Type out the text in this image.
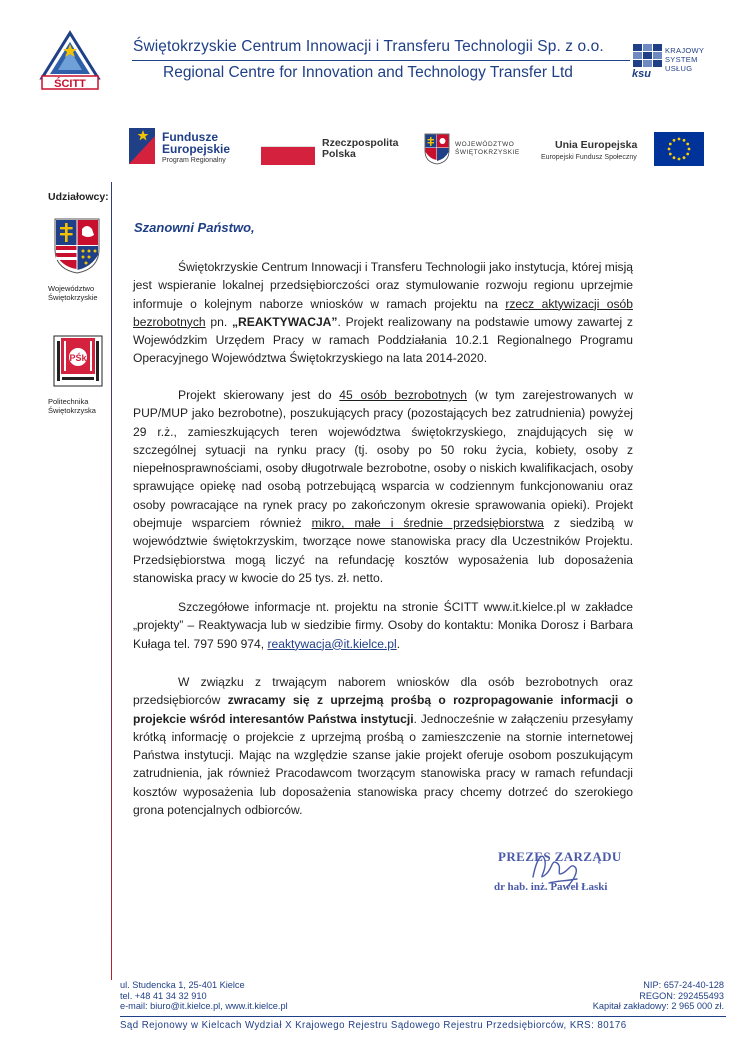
ŚCITT
Świętokrzyskie Centrum Innowacji i Transferu Technologii Sp. z o.o.
Regional Centre for Innovation and Technology Transfer Ltd	ksu
KRAJOWY
SYSTEM
USŁUG
Fundusze
Europejskie
Program Regionalny
Rzeczpospolita
Polska
WOJEWÓDZTWO
ŚWIĘTOKRZYSKIE
Unia Europejska
Europejski Fundusz Społeczny
Udziałowcy:
Województwo
Świętokrzyskie
PŚk
Politechnika
Świętokrzyska
Szanowni Państwo,
Świętokrzyskie Centrum Innowacji i Transferu Technologii jako instytucja, której misją jest wspieranie lokalnej przedsiębiorczości oraz stymulowanie rozwoju regionu uprzejmie informuje o kolejnym naborze wniosków w ramach projektu na rzecz aktywizacji osób bezrobotnych pn. „REAKTYWACJA”. Projekt realizowany na podstawie umowy zawartej z Wojewódzkim Urzędem Pracy w ramach Poddziałania 10.2.1 Regionalnego Programu Operacyjnego Województwa Świętokrzyskiego na lata 2014-2020.
Projekt skierowany jest do 45 osób bezrobotnych (w tym zarejestrowanych w PUP/MUP jako bezrobotne), poszukujących pracy (pozostających bez zatrudnienia) powyżej 29 r.ż., zamieszkujących teren województwa świętokrzyskiego, znajdujących się w szczególnej sytuacji na rynku pracy (tj. osoby po 50 roku życia, kobiety, osoby z niepełnosprawnościami, osoby długotrwale bezrobotne, osoby o niskich kwalifikacjach, osoby sprawujące opiekę nad osobą potrzebującą wsparcia w codziennym funkcjonowaniu oraz osoby powracające na rynek pracy po zakończonym okresie sprawowania opieki). Projekt obejmuje wsparciem również mikro, małe i średnie przedsiębiorstwa z siedzibą w województwie świętokrzyskim, tworzące nowe stanowiska pracy dla Uczestników Projektu. Przedsiębiorstwa mogą liczyć na refundację kosztów wyposażenia lub doposażenia stanowiska pracy w kwocie do 25 tys. zł. netto.
Szczegółowe informacje nt. projektu na stronie ŚCITT www.it.kielce.pl w zakładce „projekty” – Reaktywacja lub w siedzibie firmy. Osoby do kontaktu: Monika Dorosz i Barbara Kułaga tel. 797 590 974, reaktywacja@it.kielce.pl.
W związku z trwającym naborem wniosków dla osób bezrobotnych oraz przedsiębiorców zwracamy się z uprzejmą prośbą o rozpropagowanie informacji o projekcie wśród interesantów Państwa instytucji. Jednocześnie w załączeniu przesyłamy krótką informację o projekcie z uprzejmą prośbą o zamieszczenie na stornie internetowej Państwa instytucji. Mając na względzie szanse jakie projekt oferuje osobom poszukującym zatrudnienia, jak również Pracodawcom tworzącym stanowiska pracy w ramach refundacji kosztów wyposażenia lub doposażenia stanowiska pracy chcemy dotrzeć do szerokiego grona potencjalnych odbiorców.
PREZES ZARZĄDU
dr hab. inż. Paweł Łaski
ul. Studencka 1, 25-401 Kielce
tel. +48 41 34 32 910
e-mail: biuro@it.kielce.pl, www.it.kielce.pl
NIP: 657-24-40-128
REGON: 292455493
Kapitał zakładowy: 2 965 000 zł.
Sąd Rejonowy w Kielcach Wydział X Krajowego Rejestru Sądowego Rejestru Przedsiębiorców, KRS: 80176
